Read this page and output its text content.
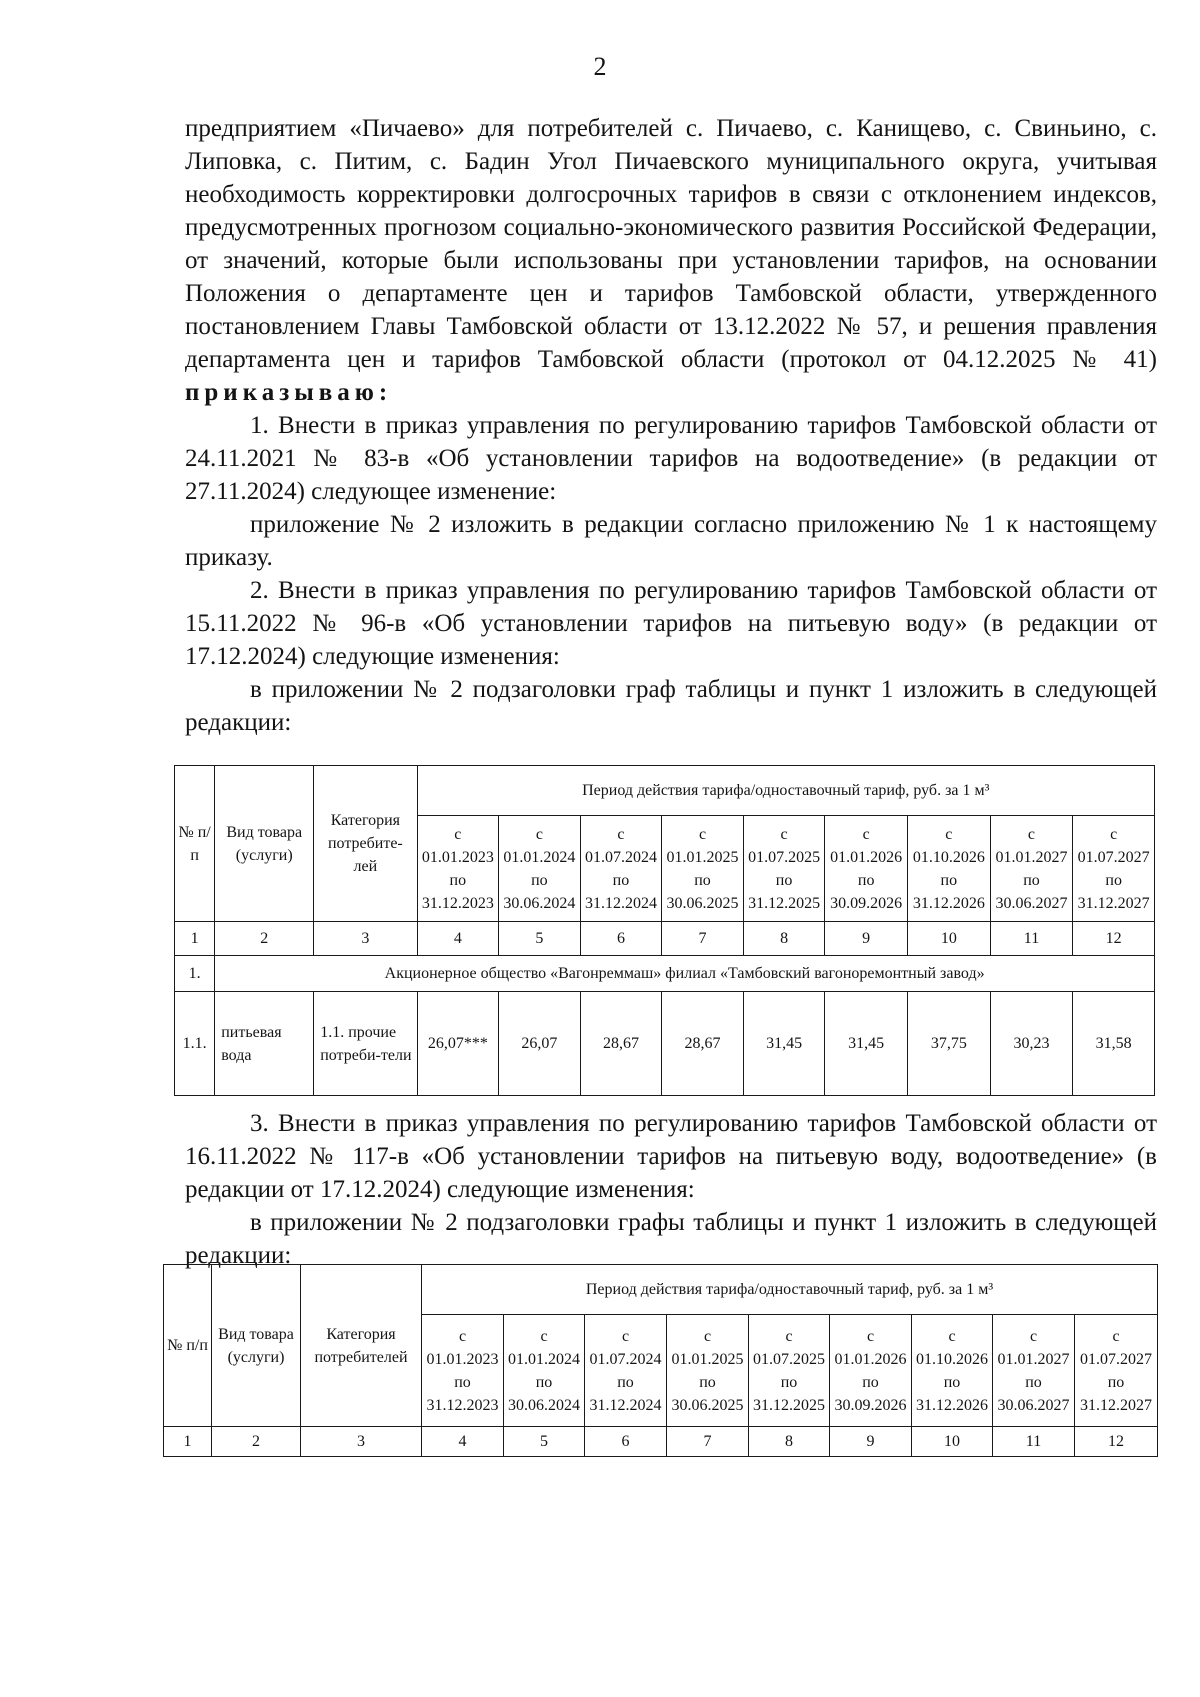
2

предприятием «Пичаево» для потребителей с. Пичаево, с. Канищево, с. Свиньино, с. Липовка, с. Питим, с. Бадин Угол Пичаевского муниципального округа, учитывая необходимость корректировки долгосрочных тарифов в связи с отклонением индексов, предусмотренных прогнозом социально-экономического развития Российской Федерации, от значений, которые были использованы при установлении тарифов, на основании Положения о департаменте цен и тарифов Тамбовской области, утвержденного постановлением Главы Тамбовской области от 13.12.2022 № 57, и решения правления департамента цен и тарифов Тамбовской области (протокол от 04.12.2025 № 41) приказываю:

1. Внести в приказ управления по регулированию тарифов Тамбовской области от 24.11.2021 № 83-в «Об установлении тарифов на водоотведение» (в редакции от 27.11.2024) следующее изменение:

приложение № 2 изложить в редакции согласно приложению № 1 к настоящему приказу.

2. Внести в приказ управления по регулированию тарифов Тамбовской области от 15.11.2022 № 96-в «Об установлении тарифов на питьевую воду» (в редакции от 17.12.2024) следующие изменения:

в приложении № 2 подзаголовки граф таблицы и пункт 1 изложить в следующей редакции:

№ п/п	Вид товара (услуги)	Категория потребите-лей	Период действия тарифа/одноставочный тариф, руб. за 1 м³								
			с
01.01.2023
по
31.12.2023	с
01.01.2024
по
30.06.2024	с
01.07.2024
по
31.12.2024	с
01.01.2025
по
30.06.2025	с
01.07.2025
по
31.12.2025	с
01.01.2026
по
30.09.2026	с
01.10.2026
по
31.12.2026	с
01.01.2027
по
30.06.2027	с
01.07.2027
по
31.12.2027
1	2	3	4	5	6	7	8	9	10	11	12
1.	Акционерное общество «Вагонреммаш» филиал «Тамбовский вагоноремонтный завод»										
1.1.	питьевая вода	1.1. прочие потреби-тели	26,07***	26,07	28,67	28,67	31,45	31,45	37,75	30,23	31,58

3. Внести в приказ управления по регулированию тарифов Тамбовской области от 16.11.2022 № 117-в «Об установлении тарифов на питьевую воду, водоотведение» (в редакции от 17.12.2024) следующие изменения:

в приложении № 2 подзаголовки графы таблицы и пункт 1 изложить в следующей редакции:

№ п/п	Вид товара (услуги)	Категория потребителей	Период действия тарифа/одноставочный тариф, руб. за 1 м³								
			с
01.01.2023
по
31.12.2023	с
01.01.2024
по
30.06.2024	с
01.07.2024
по
31.12.2024	с
01.01.2025
по
30.06.2025	с
01.07.2025
по
31.12.2025	с
01.01.2026
по
30.09.2026	с
01.10.2026
по
31.12.2026	с
01.01.2027
по
30.06.2027	с
01.07.2027
по
31.12.2027
1	2	3	4	5	6	7	8	9	10	11	12
